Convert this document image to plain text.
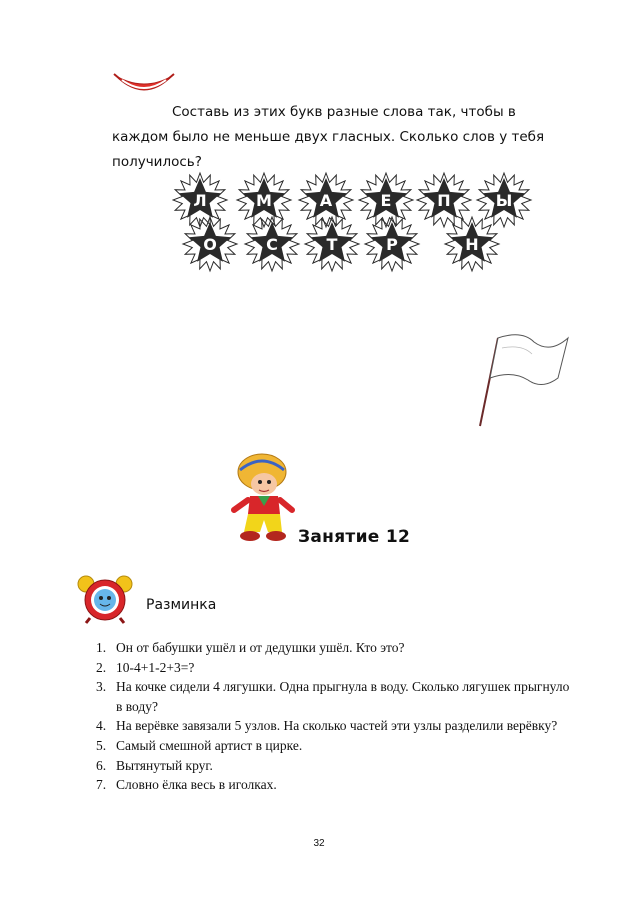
Составь из этих букв разные слова так, чтобы в
каждом было не меньше двух гласных. Сколько слов у тебя
получилось?
Л	М	А	Е	П	Ы
О	С	Т	Р	Н
Занятие 12
Разминка
1. Он от бабушки ушёл и от дедушки ушёл. Кто это?
2. 10-4+1-2+3=?
3. На кочке сидели 4 лягушки. Одна прыгнула в воду. Сколько лягушек прыгнуло в воду?
4. На верёвке завязали 5 узлов. На сколько частей эти узлы разделили верёвку?
5. Самый смешной артист в цирке.
6. Вытянутый круг.
7. Словно ёлка весь в иголках.
32
